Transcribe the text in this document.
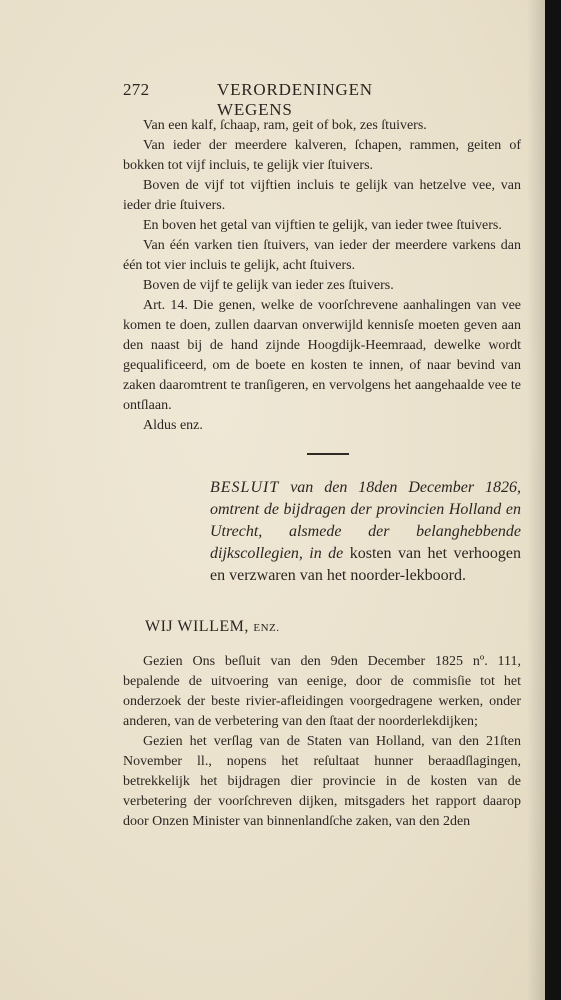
272	VERORDENINGEN WEGENS

Van een kalf, ſchaap, ram, geit of bok, zes ſtuivers.

Van ieder der meerdere kalveren, ſchapen, rammen, geiten of bokken tot vijf incluis, te gelijk vier ſtuivers.

Boven de vijf tot vijftien incluis te gelijk van hetzelve vee, van ieder drie ſtuivers.

En boven het getal van vijftien te gelijk, van ieder twee ſtuivers.

Van één varken tien ſtuivers, van ieder der meerdere varkens dan één tot vier incluis te gelijk, acht ſtuivers.

Boven de vijf te gelijk van ieder zes ſtuivers.

Art. 14. Die genen, welke de voorſchrevene aanhalingen van vee komen te doen, zullen daarvan onverwijld kennisſe moeten geven aan den naast bij de hand zijnde Hoogdijk-Heemraad, dewelke wordt gequalificeerd, om de boete en kosten te innen, of naar bevind van zaken daaromtrent te tranſigeren, en vervolgens het aangehaalde vee te ontſlaan.

Aldus enz.

BESLUIT van den 18den December 1826, omtrent de bijdragen der provincien Holland en Utrecht, alsmede der belanghebbende dijkscollegien, in de kosten van het verhoogen en verzwaren van het noorder-lekboord.

WIJ WILLEM, ENZ.

Gezien Ons beſluit van den 9den December 1825 nº. 111, bepalende de uitvoering van eenige, door de commisſie tot het onderzoek der beste rivier-afleidingen voorgedragene werken, onder anderen, van de verbetering van den ſtaat der noorderlekdijken;

Gezien het verſlag van de Staten van Holland, van den 21ſten November ll., nopens het reſultaat hunner beraadſlagingen, betrekkelijk het bijdragen dier provincie in de kosten van de verbetering der voorſchreven dijken, mitsgaders het rapport daarop door Onzen Minister van binnenlandſche zaken, van den 2den
